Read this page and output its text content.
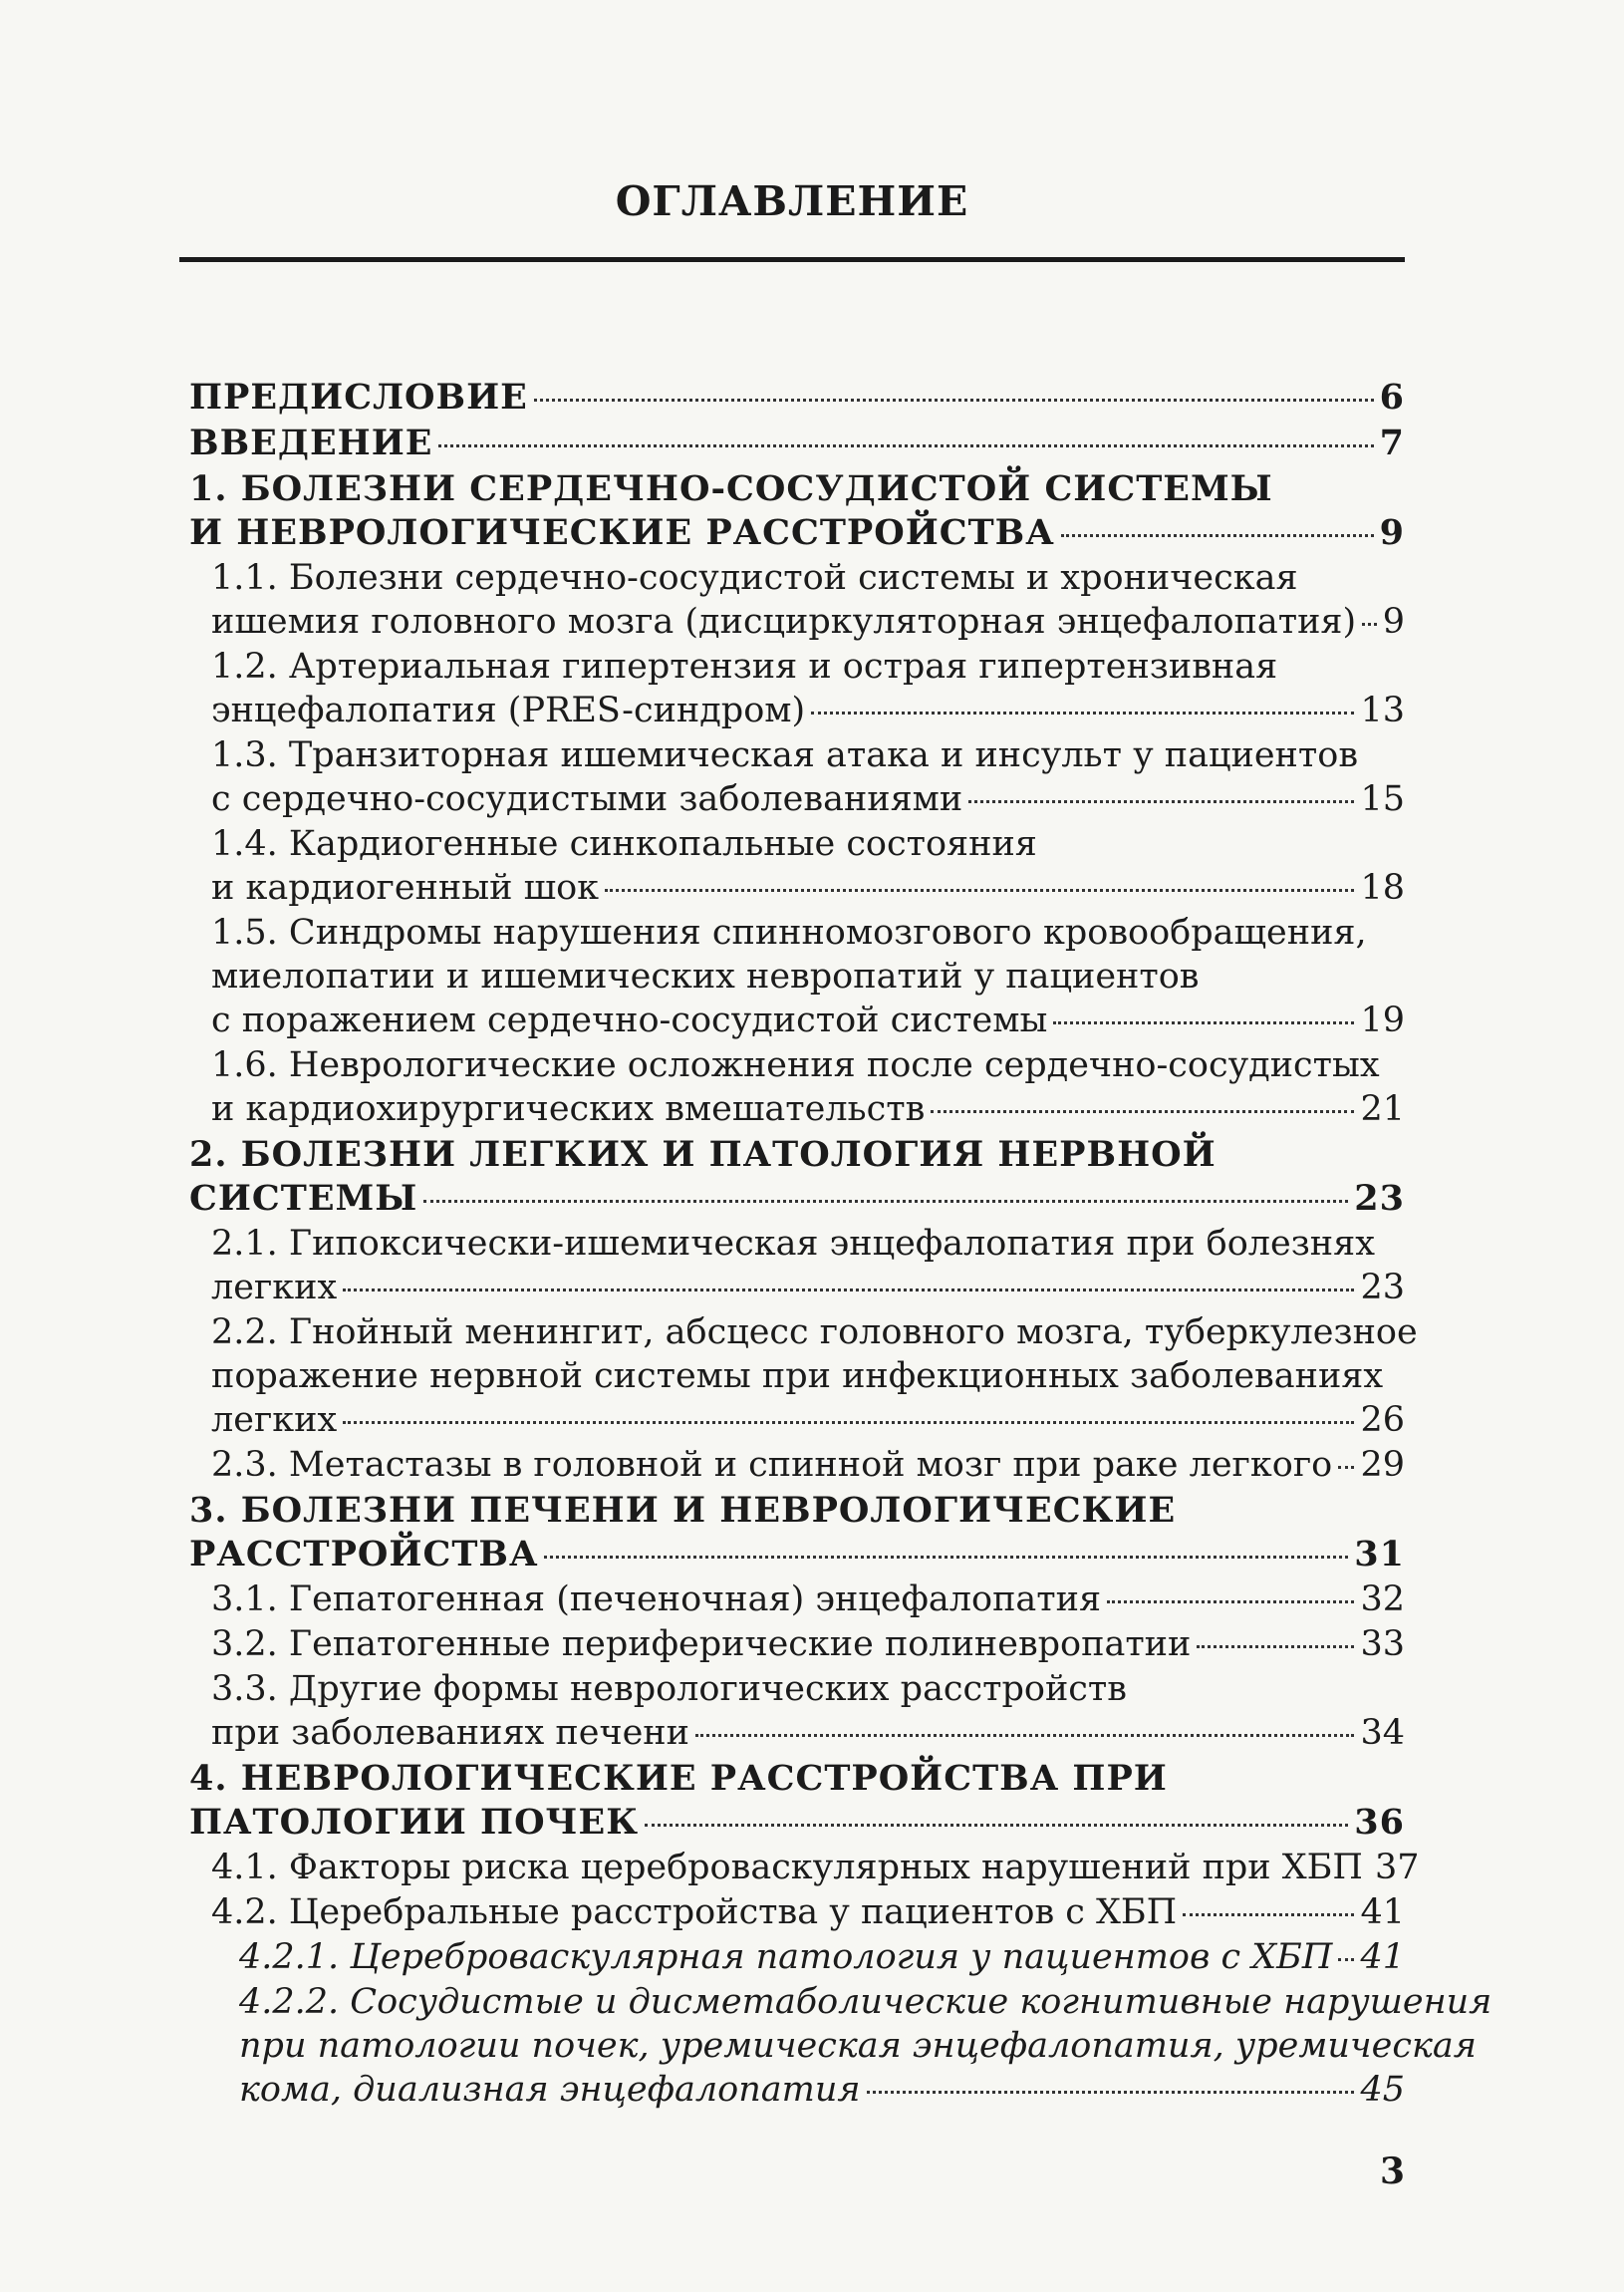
ОГЛАВЛЕНИЕ
ПРЕДИСЛОВИЕ	6
ВВЕДЕНИЕ	7
1. БОЛЕЗНИ СЕРДЕЧНО-СОСУДИСТОЙ СИСТЕМЫ
И НЕВРОЛОГИЧЕСКИЕ РАССТРОЙСТВА	9
1.1. Болезни сердечно-сосудистой системы и хроническая
ишемия головного мозга (дисциркуляторная энцефалопатия) 9
1.2. Артериальная гипертензия и острая гипертензивная
энцефалопатия (PRES-синдром)	13
1.3. Транзиторная ишемическая атака и инсульт у пациентов
с сердечно-сосудистыми заболеваниями	15
1.4. Кардиогенные синкопальные состояния
и кардиогенный шок	18
1.5. Синдромы нарушения спинномозгового кровообращения,
миелопатии и ишемических невропатий у пациентов
с поражением сердечно-сосудистой системы	19
1.6. Неврологические осложнения после сердечно-сосудистых
и кардиохирургических вмешательств	21
2. БОЛЕЗНИ ЛЕГКИХ И ПАТОЛОГИЯ НЕРВНОЙ
СИСТЕМЫ	23
2.1. Гипоксически-ишемическая энцефалопатия при болезнях
легких	23
2.2. Гнойный менингит, абсцесс головного мозга, туберкулезное
поражение нервной системы при инфекционных заболеваниях
легких	26
2.3. Метастазы в головной и спинной мозг при раке легкого 29
3. БОЛЕЗНИ ПЕЧЕНИ И НЕВРОЛОГИЧЕСКИЕ
РАССТРОЙСТВА	31
3.1. Гепатогенная (печеночная) энцефалопатия	32
3.2. Гепатогенные периферические полиневропатии	33
3.3. Другие формы неврологических расстройств
при заболеваниях печени	34
4. НЕВРОЛОГИЧЕСКИЕ РАССТРОЙСТВА ПРИ
ПАТОЛОГИИ ПОЧЕК	36
4.1. Факторы риска цереброваскулярных нарушений при ХБП 37
4.2. Церебральные расстройства у пациентов с ХБП	41
4.2.1. Цереброваскулярная патология у пациентов с ХБП 41
4.2.2. Сосудистые и дисметаболические когнитивные нарушения
при патологии почек, уремическая энцефалопатия, уремическая
кома, диализная энцефалопатия	45
3
